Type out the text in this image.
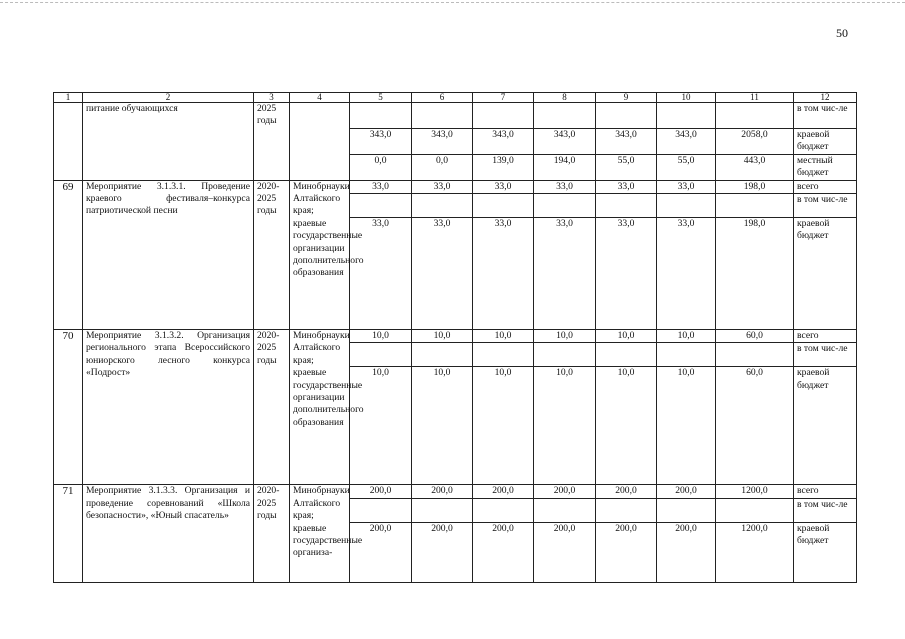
50
1	2	3	4	5	6	7	8	9	10	11	12
	питание обучающихся	2025 годы									в том чис-ле
				343,0	343,0	343,0	343,0	343,0	343,0	2058,0	краевой бюджет
				0,0	0,0	139,0	194,0	55,0	55,0	443,0	местный бюджет
69	Мероприятие 3.1.3.1. Проведение краевого фестиваля–конкурса патриотической песни	2020-2025 годы	Минобрнауки Алтайского края; краевые государственные организации дополнительного образования	33,0	33,0	33,0	33,0	33,0	33,0	198,0	всего
											в том чис-ле
				33,0	33,0	33,0	33,0	33,0	33,0	198,0	краевой бюджет
70	Мероприятие 3.1.3.2. Организация регионального этапа Всероссийского юниорского лесного конкурса «Подрост»	2020-2025 годы	Минобрнауки Алтайского края; краевые государственные организации дополнительного образования	10,0	10,0	10,0	10,0	10,0	10,0	60,0	всего
											в том чис-ле
				10,0	10,0	10,0	10,0	10,0	10,0	60,0	краевой бюджет
71	Мероприятие 3.1.3.3. Организация и проведение соревнований «Школа безопасности», «Юный спасатель»	2020-2025 годы	Минобрнауки Алтайского края; краевые государственные организа-	200,0	200,0	200,0	200,0	200,0	200,0	1200,0	всего
											в том чис-ле
				200,0	200,0	200,0	200,0	200,0	200,0	1200,0	краевой бюджет
